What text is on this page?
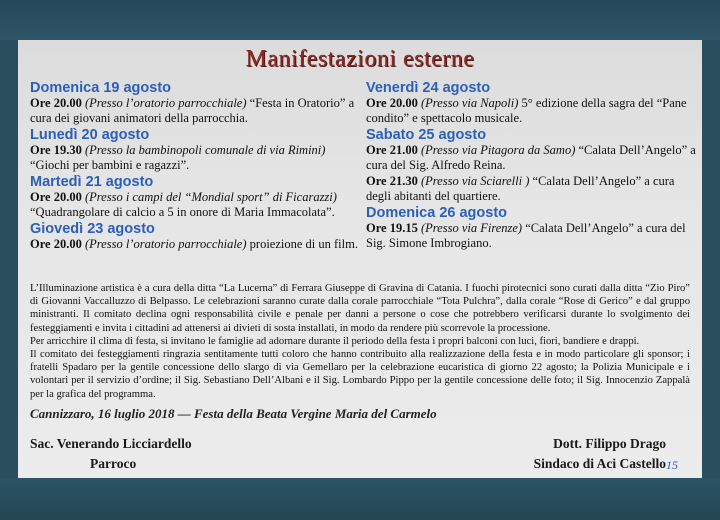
Manifestazioni esterne

Domenica 19 agosto

Ore 20.00 (Presso l’oratorio parrocchiale) “Festa in Oratorio” a cura dei giovani animatori della parrocchia.

Lunedì 20 agosto

Ore 19.30 (Presso la bambinopoli comunale di via Rimini) “Giochi per bambini e ragazzi”.

Martedì 21 agosto

Ore 20.00 (Presso i campi del “Mondial sport” di Ficarazzi) “Quadrangolare di calcio a 5 in onore di Maria Immacolata”.

Giovedì 23 agosto

Ore 20.00 (Presso l’oratorio parrocchiale) proiezione di un film.

Venerdì 24 agosto

Ore 20.00 (Presso via Napoli) 5° edizione della sagra del “Pane condito” e spettacolo musicale.

Sabato 25 agosto

Ore 21.00 (Presso via Pitagora da Samo) “Calata Dell’Angelo” a cura del Sig. Alfredo Reina.

Ore 21.30 (Presso via Sciarelli ) “Calata Dell’Angelo” a cura degli abitanti del quartiere.

Domenica 26 agosto

Ore 19.15 (Presso via Firenze) “Calata Dell’Angelo” a cura del Sig. Simone Imbrogiano.

L’Illuminazione artistica è a cura della ditta “La Lucerna” di Ferrara Giuseppe di Gravina di Catania. I fuochi pirotecnici sono curati dalla ditta “Zio Piro” di Giovanni Vaccalluzzo di Belpasso. Le celebrazioni saranno curate dalla corale parrocchiale “Tota Pulchra”, dalla corale “Rose di Gerico” e dal gruppo ministranti. Il comitato declina ogni responsabilità civile e penale per danni a persone o cose che potrebbero verificarsi durante lo svolgimento dei festeggiamenti e invita i cittadini ad attenersi ai divieti di sosta installati, in modo da rendere più scorrevole la processione.

Per arricchire il clima di festa, si invitano le famiglie ad adornare durante il periodo della festa i propri balconi con luci, fiori, bandiere e drappi.

Il comitato dei festeggiamenti ringrazia sentitamente tutti coloro che hanno contribuito alla realizzazione della festa e in modo particolare gli sponsor; i fratelli Spadaro per la gentile concessione dello slargo di via Gemellaro per la celebrazione eucaristica di giorno 22 agosto; la Polizia Municipale e i volontari per il servizio d’ordine; il Sig. Sebastiano Dell’Albani e il Sig. Lombardo Pippo per la gentile concessione delle foto; il Sig. Innocenzio Zappalà per la grafica del programma.

Cannizzaro, 16 luglio 2018 — Festa della Beata Vergine Maria del Carmelo
Sac. Venerando Licciardello
Parroco
Dott. Filippo Drago
Sindaco di Aci Castello 15
